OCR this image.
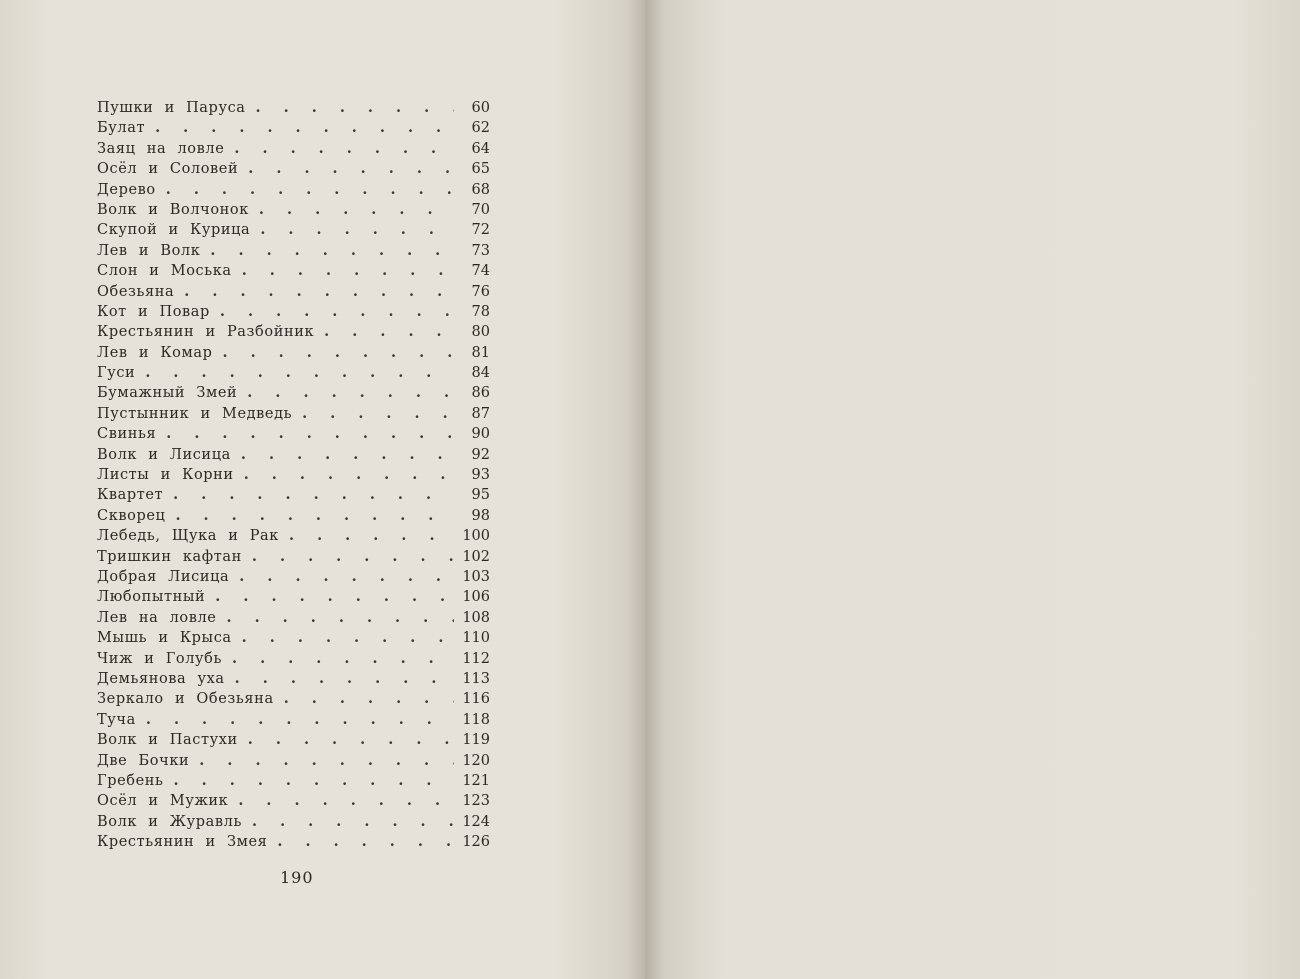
Пушки и Паруса . . .	60
Булат . . .	62
Заяц на ловле . . .	64
Осёл и Соловей . . .	65
Дерево . . .	68
Волк и Волчонок . . .	70
Скупой и Курица . . .	72
Лев и Волк . . .	73
Слон и Моська . . .	74
Обезьяна . . .	76
Кот и Повар . . .	78
Крестьянин и Разбойник . . .	80
Лев и Комар . . .	81
Гуси . . .	84
Бумажный Змей . . .	86
Пустынник и Медведь . . .	87
Свинья . . .	90
Волк и Лисица . . .	92
Листы и Корни . . .	93
Квартет . . .	95
Скворец . . .	98
Лебедь, Щука и Рак . . .	100
Тришкин кафтан . . .	102
Добрая Лисица . . .	103
Любопытный . . .	106
Лев на ловле . . .	108
Мышь и Крыса . . .	110
Чиж и Голубь . . .	112
Демьянова уха . . .	113
Зеркало и Обезьяна . . .	116
Туча . . .	118
Волк и Пастухи . . .	119
Две Бочки . . .	120
Гребень . . .	121
Осёл и Мужик . . .	123
Волк и Журавль . . .	124
Крестьянин и Змея . . .	126
190
